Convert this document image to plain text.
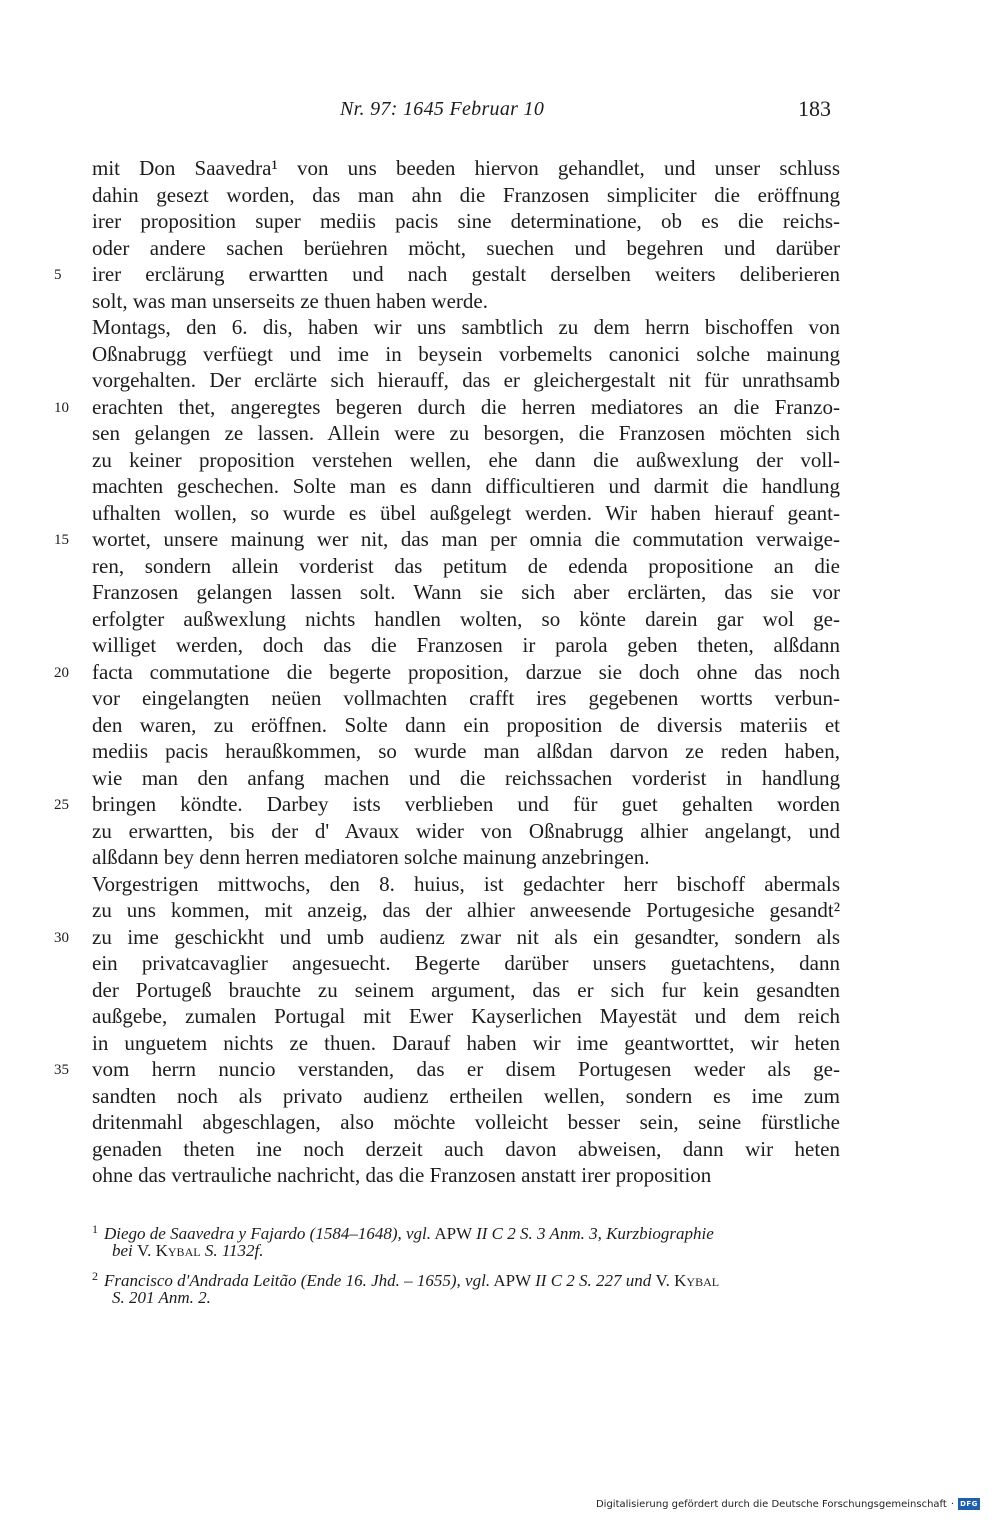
Nr. 97: 1645 Februar 10	183
mit Don Saavedra¹ von uns beeden hiervon gehandlet, und unser schluss
dahin gesezt worden, das man ahn die Franzosen simpliciter die eröffnung
irer proposition super mediis pacis sine determinatione, ob es die reichs-
oder andere sachen berüehren möcht, suechen und begehren und darüber
5	irer erclärung erwartten und nach gestalt derselben weiters deliberieren
solt, was man unserseits ze thuen haben werde.
Montags, den 6. dis, haben wir uns sambtlich zu dem herrn bischoffen von
Oßnabrugg verfüegt und ime in beysein vorbemelts canonici solche mainung
vorgehalten. Der erclärte sich hierauff, das er gleichergestalt nit für unrathsamb
10	erachten thet, angeregtes begeren durch die herren mediatores an die Franzo-
sen gelangen ze lassen. Allein were zu besorgen, die Franzosen möchten sich
zu keiner proposition verstehen wellen, ehe dann die außwexlung der voll-
machten geschechen. Solte man es dann difficultieren und darmit die handlung
ufhalten wollen, so wurde es übel außgelegt werden. Wir haben hierauf geant-
15	wortet, unsere mainung wer nit, das man per omnia die commutation verwaige-
ren, sondern allein vorderist das petitum de edenda propositione an die
Franzosen gelangen lassen solt. Wann sie sich aber erclärten, das sie vor
erfolgter außwexlung nichts handlen wolten, so könte darein gar wol ge-
williget werden, doch das die Franzosen ir parola geben theten, alßdann
20	facta commutatione die begerte proposition, darzue sie doch ohne das noch
vor eingelangten neüen vollmachten crafft ires gegebenen wortts verbun-
den waren, zu eröffnen. Solte dann ein proposition de diversis materiis et
mediis pacis heraußkommen, so wurde man alßdan darvon ze reden haben,
wie man den anfang machen und die reichssachen vorderist in handlung
25	bringen köndte. Darbey ists verblieben und für guet gehalten worden
zu erwartten, bis der d' Avaux wider von Oßnabrugg alhier angelangt, und
alßdann bey denn herren mediatoren solche mainung anzebringen.
Vorgestrigen mittwochs, den 8. huius, ist gedachter herr bischoff abermals
zu uns kommen, mit anzeig, das der alhier anweesende Portugesiche gesandt²
30	zu ime geschickht und umb audienz zwar nit als ein gesandter, sondern als
ein privatcavaglier angesuecht. Begerte darüber unsers guetachtens, dann
der Portugeß brauchte zu seinem argument, das er sich fur kein gesandten
außgebe, zumalen Portugal mit Ewer Kayserlichen Mayestät und dem reich
in unguetem nichts ze thuen. Darauf haben wir ime geantworttet, wir heten
35	vom herrn nuncio verstanden, das er disem Portugesen weder als ge-
sandten noch als privato audienz ertheilen wellen, sondern es ime zum
dritenmahl abgeschlagen, also möchte volleicht besser sein, seine fürstliche
genaden theten ine noch derzeit auch davon abweisen, dann wir heten
ohne das vertrauliche nachricht, das die Franzosen anstatt irer proposition
$^1$ Diego de Saavedra y Fajardo (1584–1648), vgl. APW II C 2 S. 3 Anm. 3, Kurzbiographie
bei V. Kybal S. 1132f.
$^2$ Francisco d'Andrada Leitão (Ende 16. Jhd. – 1655), vgl. APW II C 2 S. 227 und V. Kybal
S. 201 Anm. 2.
Digitalisierung gefördert durch die Deutsche Forschungsgemeinschaft · DFG
